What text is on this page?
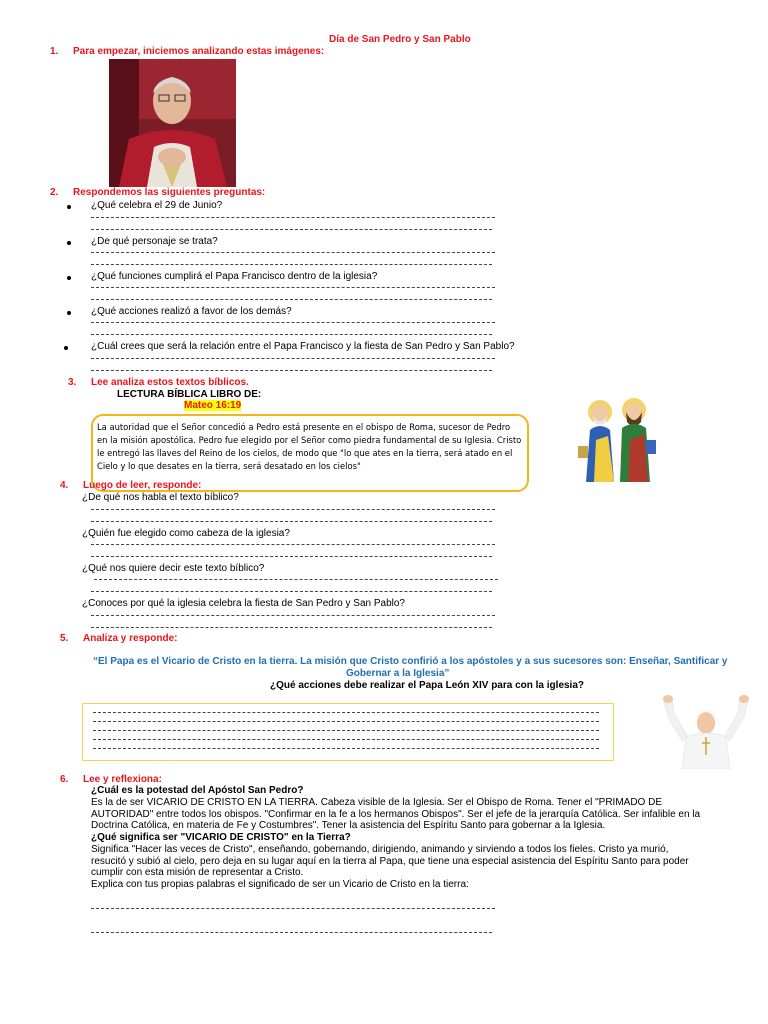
Día de San Pedro y San Pablo
1. Para empezar, iniciemos analizando estas imágenes:
2. Respondemos las siguientes preguntas:
¿Qué celebra el 29 de Junio?
¿De qué personaje se trata?
¿Qué funciones cumplirá el Papa Francisco dentro de la iglesia?
¿Qué acciones realizó a favor de los demás?
¿Cuál crees que será la relación entre el Papa Francisco y la fiesta de San Pedro y San Pablo?
3. Lee analiza estos textos bíblicos.
LECTURA BÍBLICA LIBRO DE:
Mateo 16:19
La autoridad que el Señor concedió a Pedro está presente en el obispo de Roma, sucesor de Pedro en la misión apostólica. Pedro fue elegido por el Señor como piedra fundamental de su Iglesia. Cristo le entregó las llaves del Reino de los cielos, de modo que "lo que ates en la tierra, será atado en el Cielo y lo que desates en la tierra, será desatado en los cielos"
4. Luego de leer, responde:
¿De qué nos habla el texto bíblico?
¿Quién fue elegido como cabeza de la iglesia?
¿Qué nos quiere decir este texto bíblico?
¿Conoces por qué la iglesia celebra la fiesta de San Pedro y San Pablo?
5. Analiza y responde:
“El Papa es el Vicario de Cristo en la tierra. La misión que Cristo confirió a los apóstoles y a sus sucesores son: Enseñar, Santificar y
Gobernar a la Iglesia”
¿Qué acciones debe realizar el Papa León XIV para con la iglesia?
6. Lee y reflexiona:
¿Cuál es la potestad del Apóstol San Pedro?
Es la de ser VICARIO DE CRISTO EN LA TIERRA. Cabeza visible de la Iglesia. Ser el Obispo de Roma. Tener el "PRIMADO DE AUTORIDAD" entre todos los obispos. "Confirmar en la fe a los hermanos Obispos". Ser el jefe de la jerarquía Católica. Ser infalible en la Doctrina Católica, en materia de Fe y Costumbres". Tener la asistencia del Espíritu Santo para gobernar a la Iglesia.
¿Qué significa ser "VICARIO DE CRISTO" en la Tierra?
Significa "Hacer las veces de Cristo", enseñando, gobernando, dirigiendo, animando y sirviendo a todos los fieles. Cristo ya murió, resucitó y subió al cielo, pero deja en su lugar aquí en la tierra al Papa, que tiene una especial asistencia del Espíritu Santo para poder cumplir con esta misión de representar a Cristo.
Explica con tus propias palabras el significado de ser un Vicario de Cristo en la tierra:
